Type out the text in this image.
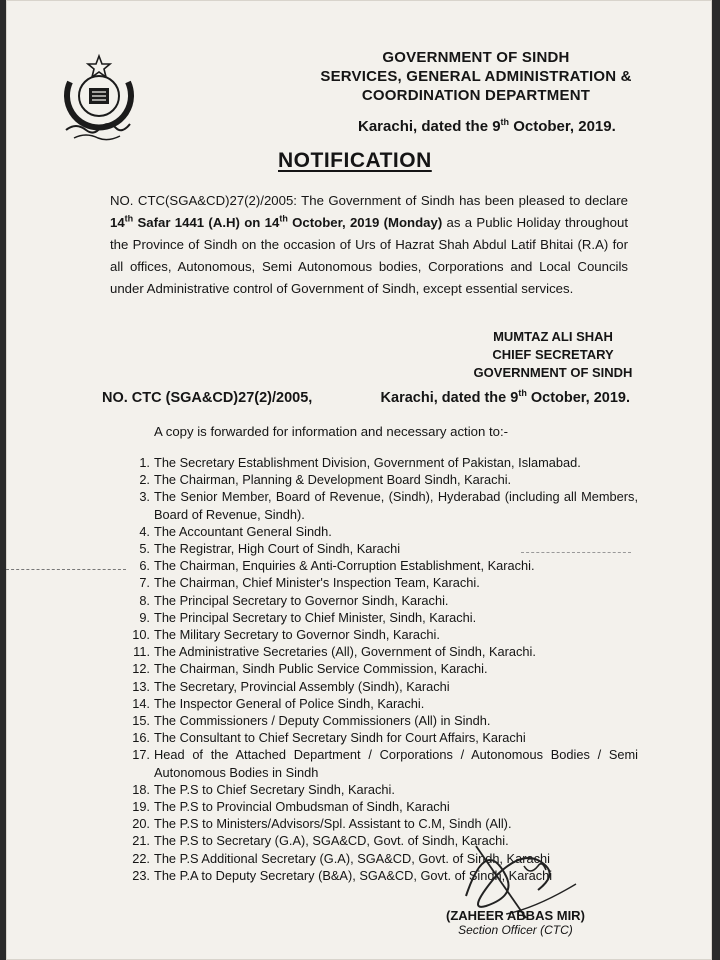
GOVERNMENT OF SINDH
SERVICES, GENERAL ADMINISTRATION &
COORDINATION DEPARTMENT
Karachi, dated the 9th October, 2019.
NOTIFICATION
NO. CTC(SGA&CD)27(2)/2005: The Government of Sindh has been pleased to declare 14th Safar 1441 (A.H) on 14th October, 2019 (Monday) as a Public Holiday throughout the Province of Sindh on the occasion of Urs of Hazrat Shah Abdul Latif Bhitai (R.A) for all offices, Autonomous, Semi Autonomous bodies, Corporations and Local Councils under Administrative control of Government of Sindh, except essential services.
MUMTAZ ALI SHAH
CHIEF SECRETARY
GOVERNMENT OF SINDH
NO. CTC (SGA&CD)27(2)/2005,	Karachi, dated the 9th October, 2019.
A copy is forwarded for information and necessary action to:-
1. The Secretary Establishment Division, Government of Pakistan, Islamabad.
2. The Chairman, Planning & Development Board Sindh, Karachi.
3. The Senior Member, Board of Revenue, (Sindh), Hyderabad (including all Members, Board of Revenue, Sindh).
4. The Accountant General Sindh.
5. The Registrar, High Court of Sindh, Karachi
6. The Chairman, Enquiries & Anti-Corruption Establishment, Karachi.
7. The Chairman, Chief Minister's Inspection Team, Karachi.
8. The Principal Secretary to Governor Sindh, Karachi.
9. The Principal Secretary to Chief Minister, Sindh, Karachi.
10. The Military Secretary to Governor Sindh, Karachi.
11. The Administrative Secretaries (All), Government of Sindh, Karachi.
12. The Chairman, Sindh Public Service Commission, Karachi.
13. The Secretary, Provincial Assembly (Sindh), Karachi
14. The Inspector General of Police Sindh, Karachi.
15. The Commissioners / Deputy Commissioners (All) in Sindh.
16. The Consultant to Chief Secretary Sindh for Court Affairs, Karachi
17. Head of the Attached Department / Corporations / Autonomous Bodies / Semi Autonomous Bodies in Sindh
18. The P.S to Chief Secretary Sindh, Karachi.
19. The P.S to Provincial Ombudsman of Sindh, Karachi
20. The P.S to Ministers/Advisors/Spl. Assistant to C.M, Sindh (All).
21. The P.S to Secretary (G.A), SGA&CD, Govt. of Sindh, Karachi.
22. The P.S Additional Secretary (G.A), SGA&CD, Govt. of Sindh, Karachi
23. The P.A to Deputy Secretary (B&A), SGA&CD, Govt. of Sindh, Karachi
(ZAHEER ABBAS MIR)
Section Officer (CTC)
